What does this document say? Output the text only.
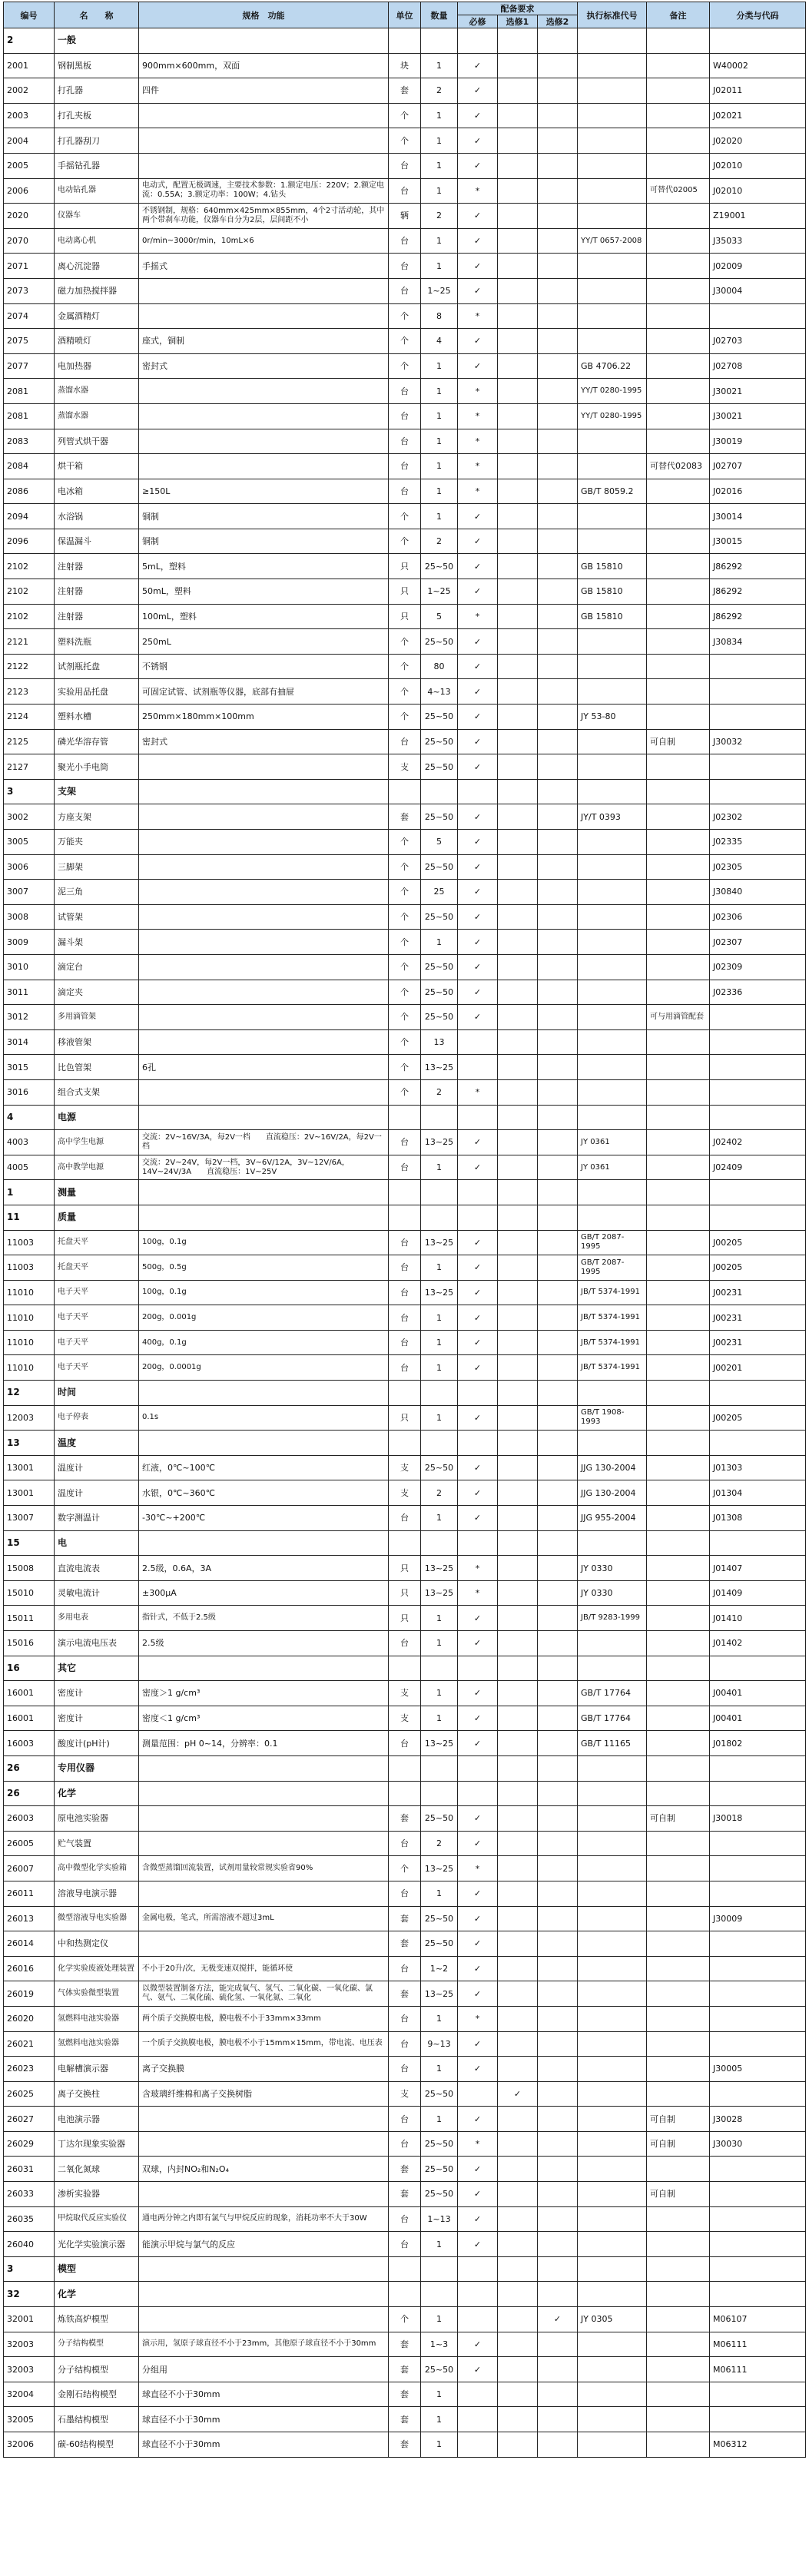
编号	名　　称	规格　功能	单位	数量	配备要求			执行标准代号	备注	分类与代码
					必修	选修1	选修2			
2	一般									
2001	钢制黑板	900mm×600mm，双面	块	1	✓					W40002
2002	打孔器	四件	套	2	✓					J02011
2003	打孔夹板		个	1	✓					J02021
2004	打孔器刮刀		个	1	✓					J02020
2005	手摇钻孔器		台	1	✓					J02010
2006	电动钻孔器	电动式，配置无极调速，主要技术参数：1.额定电压：220V；2.额定电流：0.55A；3.额定功率：100W；4.钻头	台	1	*				可替代02005	J02010
2020	仪器车	不锈钢制，规格：640mm×425mm×855mm，4个2寸活动轮，其中两个带刹车功能，仪器车自分为2层，层间距不小	辆	2	✓					Z19001
2070	电动离心机	0r/min~3000r/min，10mL×6	台	1	✓			YY/T 0657-2008		J35033
2071	离心沉淀器	手摇式	台	1	✓					J02009
2073	磁力加热搅拌器		台	1~25	✓					J30004
2074	金属酒精灯		个	8	*					
2075	酒精喷灯	座式，铜制	个	4	✓					J02703
2077	电加热器	密封式	个	1	✓			GB 4706.22		J02708
2081	蒸馏水器		台	1	*			YY/T 0280-1995		J30021
2081	蒸馏水器		台	1	*			YY/T 0280-1995		J30021
2083	列管式烘干器		台	1	*					J30019
2084	烘干箱		台	1	*				可替代02083	J02707
2086	电冰箱	≥150L	台	1	*			GB/T 8059.2		J02016
2094	水浴锅	铜制	个	1	✓					J30014
2096	保温漏斗	铜制	个	2	✓					J30015
2102	注射器	5mL，塑料	只	25~50	✓			GB 15810		J86292
2102	注射器	50mL，塑料	只	1~25	✓			GB 15810		J86292
2102	注射器	100mL，塑料	只	5	*			GB 15810		J86292
2121	塑料洗瓶	250mL	个	25~50	✓					J30834
2122	试剂瓶托盘	不锈钢	个	80	✓					
2123	实验用品托盘	可固定试管、试剂瓶等仪器，底部有抽屉	个	4~13	✓					
2124	塑料水槽	250mm×180mm×100mm	个	25~50	✓			JY 53-80		
2125	磷光华溶存管	密封式	台	25~50	✓				可自制	J30032
2127	聚光小手电筒		支	25~50	✓					
3	支架									
3002	方座支架		套	25~50	✓			JY/T 0393		J02302
3005	万能夹		个	5	✓					J02335
3006	三脚架		个	25~50	✓					J02305
3007	泥三角		个	25	✓					J30840
3008	试管架		个	25~50	✓					J02306
3009	漏斗架		个	1	✓					J02307
3010	滴定台		个	25~50	✓					J02309
3011	滴定夹		个	25~50	✓					J02336
3012	多用滴管架		个	25~50	✓				可与用滴管配套	
3014	移液管架		个	13						
3015	比色管架	6孔	个	13~25						
3016	组合式支架		个	2	*					
4	电源									
4003	高中学生电源	交流：2V~16V/3A，每2V一档　　直流稳压：2V~16V/2A，每2V一档	台	13~25	✓			JY 0361		J02402
4005	高中教学电源	交流：2V~24V，每2V一档，3V~6V/12A，3V~12V/6A，14V~24V/3A　　直流稳压：1V~25V	台	1	✓			JY 0361		J02409
1	测量									
11	质量									
11003	托盘天平	100g，0.1g	台	13~25	✓			GB/T 2087-1995		J00205
11003	托盘天平	500g，0.5g	台	1	✓			GB/T 2087-1995		J00205
11010	电子天平	100g，0.1g	台	13~25	✓			JB/T 5374-1991		J00231
11010	电子天平	200g，0.001g	台	1	✓			JB/T 5374-1991		J00231
11010	电子天平	400g，0.1g	台	1	✓			JB/T 5374-1991		J00231
11010	电子天平	200g，0.0001g	台	1	✓			JB/T 5374-1991		J00201
12	时间									
12003	电子停表	0.1s	只	1	✓			GB/T 1908-1993		J00205
13	温度									
13001	温度计	红液，0℃~100℃	支	25~50	✓			JJG 130-2004		J01303
13001	温度计	水银，0℃~360℃	支	2	✓			JJG 130-2004		J01304
13007	数字测温计	-30℃~+200℃	台	1	✓			JJG 955-2004		J01308
15	电									
15008	直流电流表	2.5级，0.6A，3A	只	13~25	*			JY 0330		J01407
15010	灵敏电流计	±300μA	只	13~25	*			JY 0330		J01409
15011	多用电表	指针式，不低于2.5级	只	1	✓			JB/T 9283-1999		J01410
15016	演示电流电压表	2.5级	台	1	✓					J01402
16	其它									
16001	密度计	密度＞1 g/cm³	支	1	✓			GB/T 17764		J00401
16001	密度计	密度＜1 g/cm³	支	1	✓			GB/T 17764		J00401
16003	酸度计(pH计)	测量范围：pH 0~14，分辨率：0.1	台	13~25	✓			GB/T 11165		J01802
26	专用仪器									
26	化学									
26003	原电池实验器		套	25~50	✓				可自制	J30018
26005	贮气装置		台	2	✓					
26007	高中微型化学实验箱	含微型蒸馏回流装置，试剂用量较常规实验省90%	个	13~25	*					
26011	溶液导电演示器		台	1	✓					
26013	微型溶液导电实验器	金属电极，笔式，所需溶液不超过3mL	套	25~50	✓					J30009
26014	中和热测定仪		套	25~50	✓					
26016	化学实验废液处理装置	不小于20升/次，无极变速双搅拌，能循环使	台	1~2	✓					
26019	气体实验微型装置	以微型装置制备方法，能完成氧气、氢气、二氧化碳、一氧化碳、氯气、氨气、二氧化硫、硫化氢、一氧化氮、二氧化	套	13~25	✓					
26020	氢燃料电池实验器	两个质子交换膜电极，膜电极不小于33mm×33mm	台	1	*					
26021	氢燃料电池实验器	一个质子交换膜电极，膜电极不小于15mm×15mm，带电流、电压表	台	9~13	✓					
26023	电解槽演示器	离子交换膜	台	1	✓					J30005
26025	离子交换柱	含玻璃纤维棉和离子交换树脂	支	25~50		✓				
26027	电池演示器		台	1	✓				可自制	J30028
26029	丁达尔现象实验器		台	25~50	*				可自制	J30030
26031	二氧化氮球	双球，内封NO₂和N₂O₄	套	25~50	✓					
26033	渗析实验器		套	25~50	✓				可自制	
26035	甲烷取代反应实验仪	通电两分钟之内即有氯气与甲烷反应的现象，消耗功率不大于30W	台	1~13	✓					
26040	光化学实验演示器	能演示甲烷与氯气的反应	台	1	✓					
3	模型									
32	化学									
32001	炼铁高炉模型		个	1			✓	JY 0305		M06107
32003	分子结构模型	演示用，氢原子球直径不小于23mm，其他原子球直径不小于30mm	套	1~3	✓					M06111
32003	分子结构模型	分组用	套	25~50	✓					M06111
32004	金刚石结构模型	球直径不小于30mm	套	1						
32005	石墨结构模型	球直径不小于30mm	套	1						
32006	碳-60结构模型	球直径不小于30mm	套	1						M06312
